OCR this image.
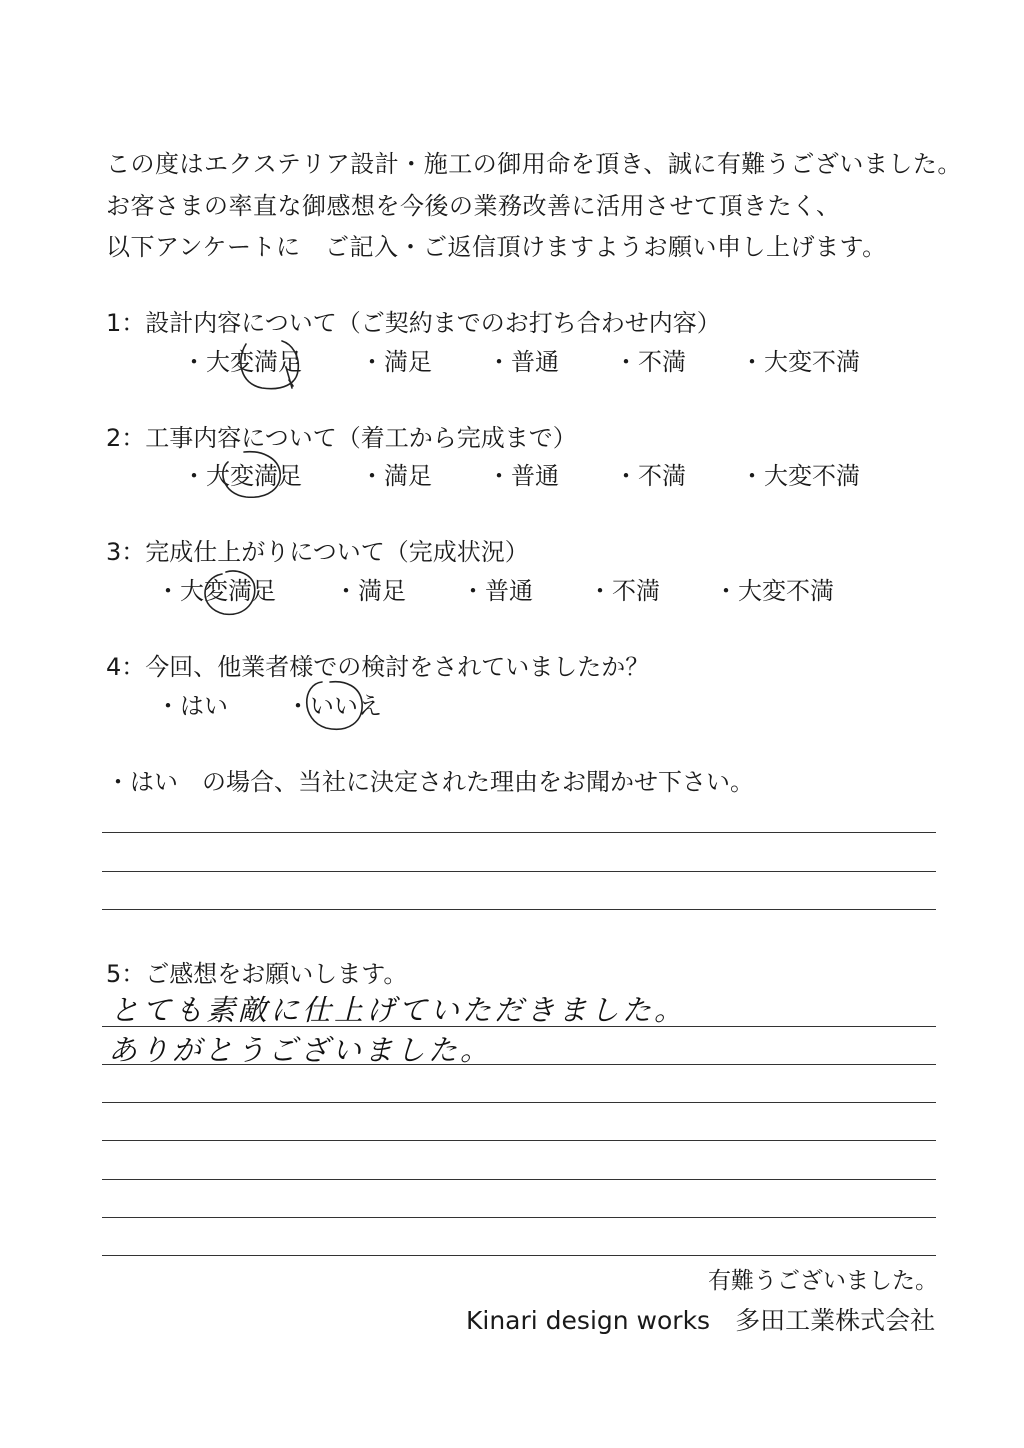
この度はエクステリア設計・施工の御用命を頂き、誠に有難うございました。
お客さまの率直な御感想を今後の業務改善に活用させて頂きたく、
以下アンケートに　ご記入・ご返信頂けますようお願い申し上げます。
1：設計内容について（ご契約までのお打ち合わせ内容）
・大変満足 ・満足 ・普通 ・不満 ・大変不満
2：工事内容について（着工から完成まで）
・大変満足 ・満足 ・普通 ・不満 ・大変不満
3：完成仕上がりについて（完成状況）
・大変満足 ・満足 ・普通 ・不満 ・大変不満
4：今回、他業者様での検討をされていましたか？
・はい ・いいえ
・はい　の場合、当社に決定された理由をお聞かせ下さい。
5：ご感想をお願いします。
とても素敵に仕上げていただきました。
ありがとうございました。
有難うございました。
Kinari design works　多田工業株式会社
